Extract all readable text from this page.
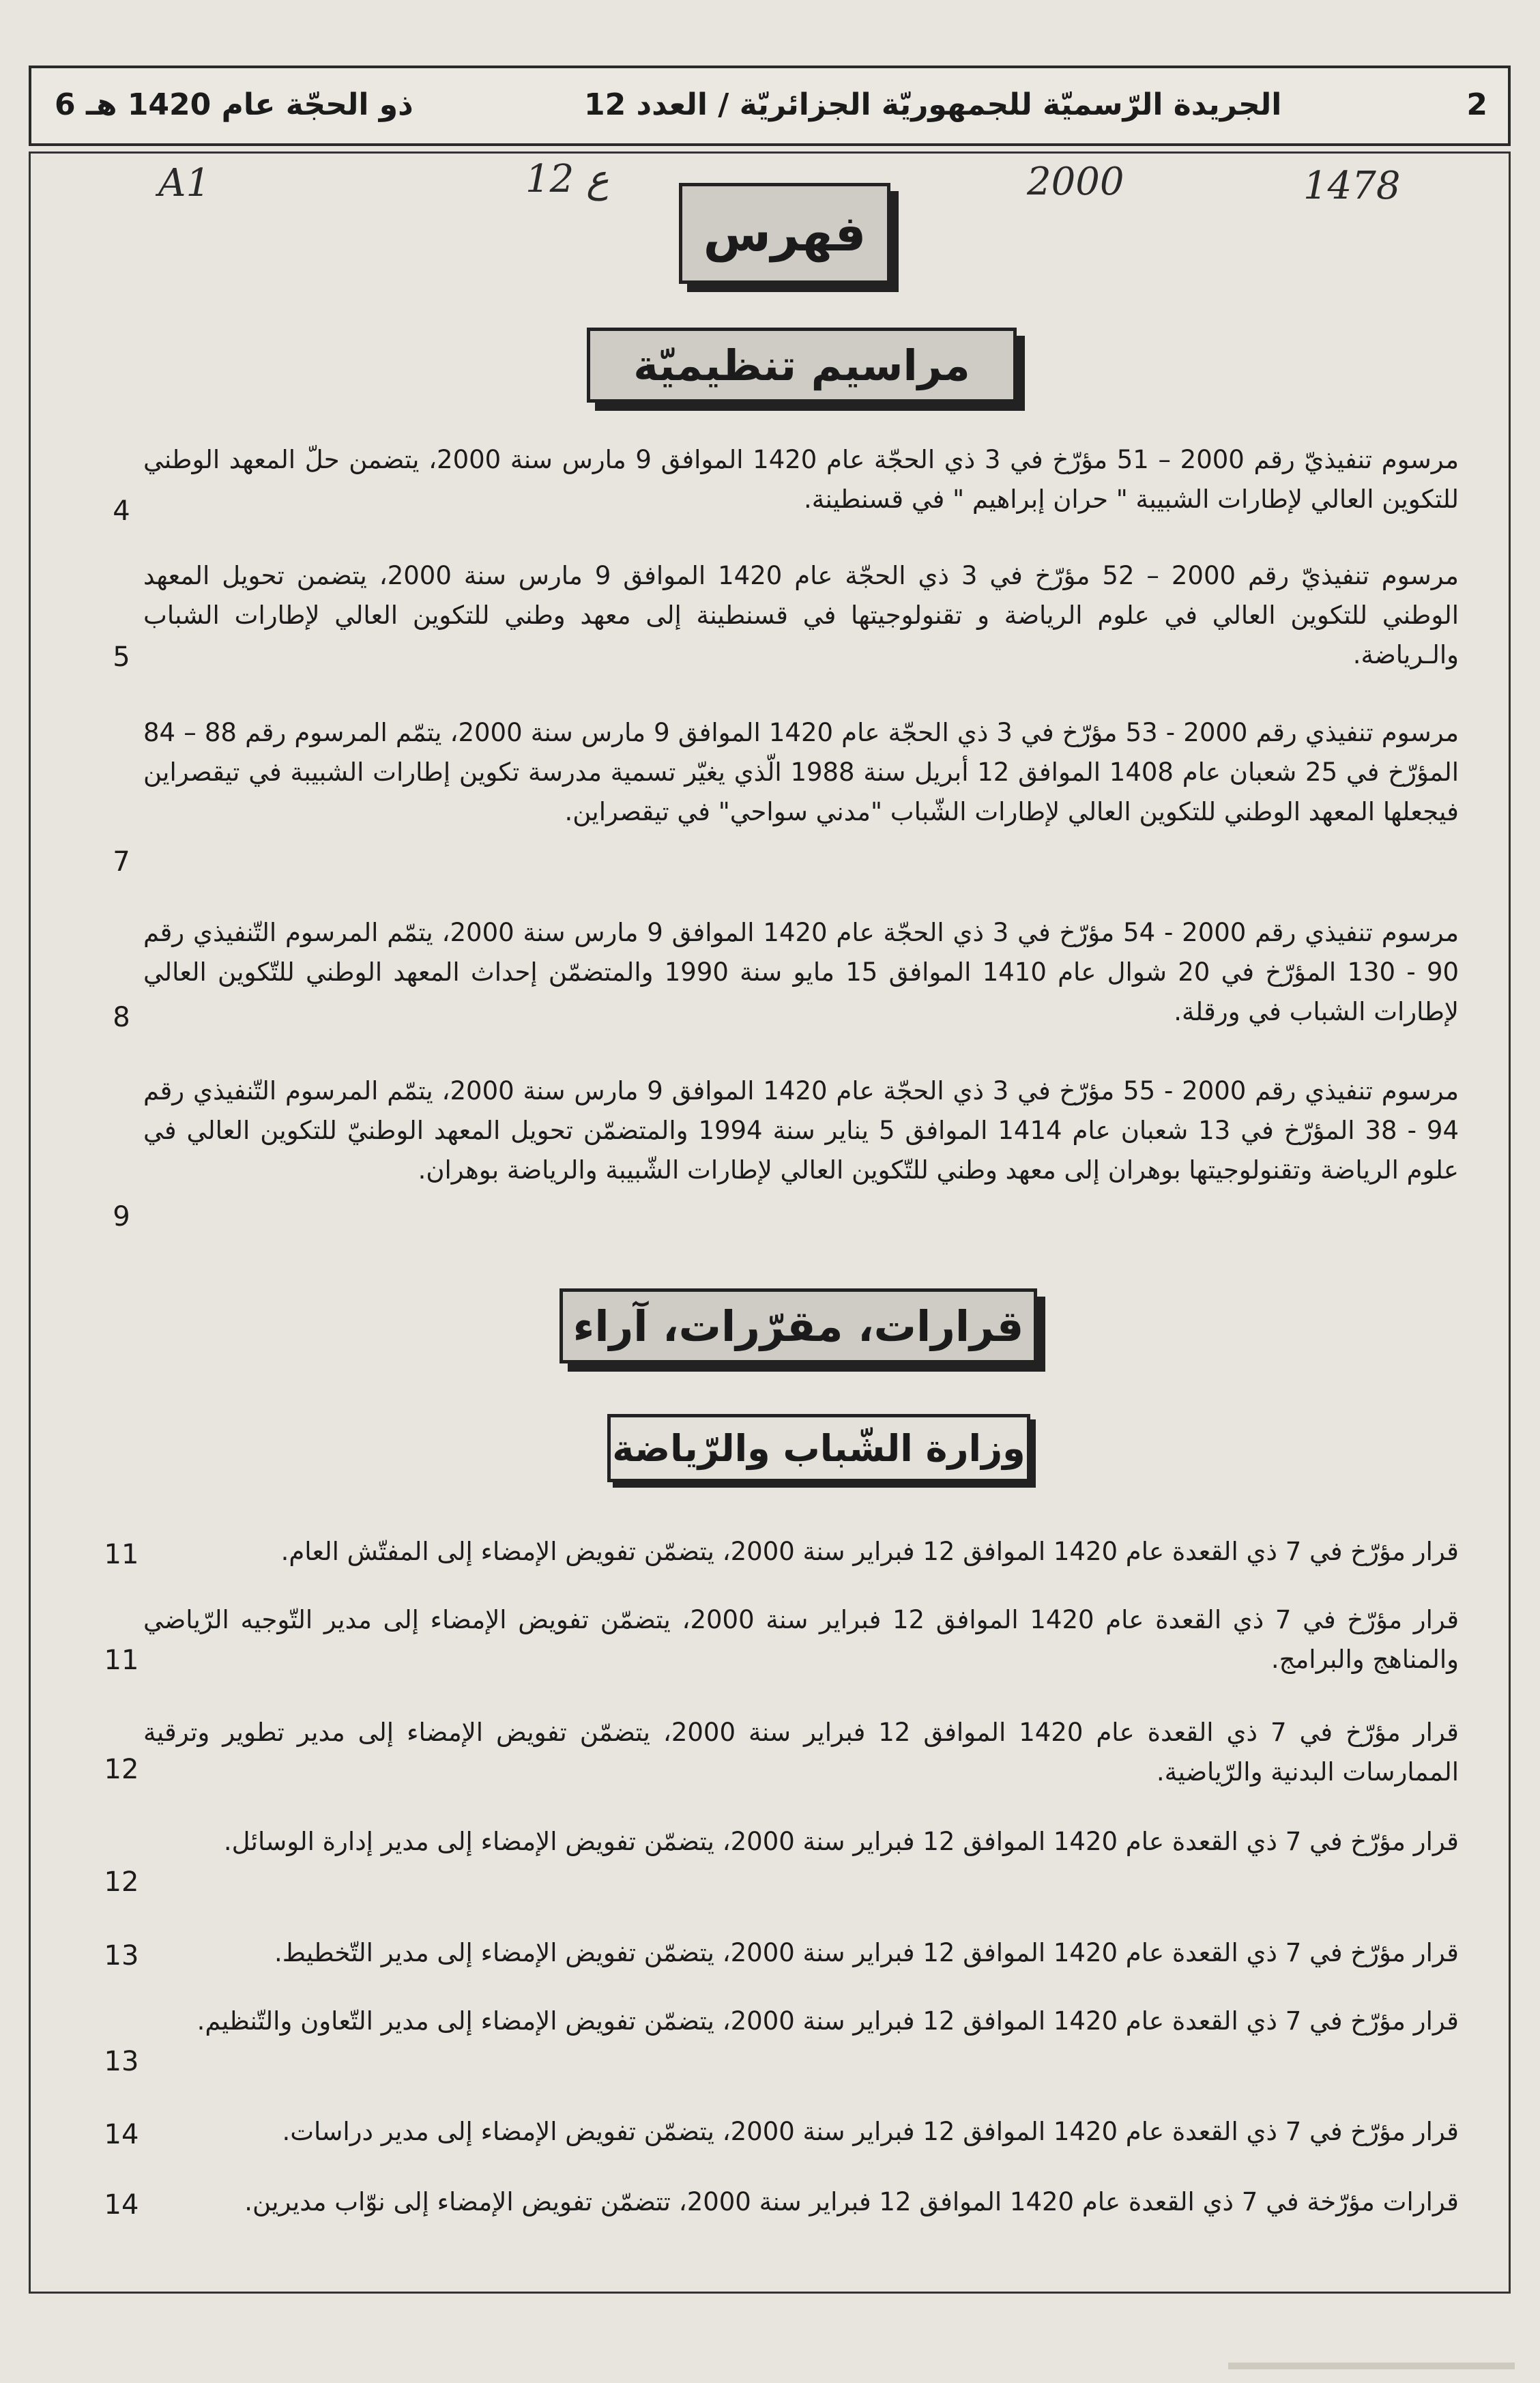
6 ذو الحجّة عام 1420 هـ	الجريدة الرّسميّة للجمهوريّة الجزائريّة / العدد 12	2
A1	12 ع	2000	1478
فهرس
مراسيم تنظيميّة
مرسوم تنفيذيّ رقم 2000 – 51 مؤرّخ في 3 ذي الحجّة عام 1420 الموافق 9 مارس سنة 2000، يتضمن حلّ المعهد الوطني للتكوين العالي لإطارات الشبيبة " حران إبراهيم " في قسنطينة.
4
مرسوم تنفيذيّ رقم 2000 – 52 مؤرّخ في 3 ذي الحجّة عام 1420 الموافق 9 مارس سنة 2000، يتضمن تحويل المعهد الوطني للتكوين العالي في علوم الرياضة و تقنولوجيتها في قسنطينة إلى معهد وطني للتكوين العالي لإطارات الشباب والـرياضة.
5
مرسوم تنفيذي رقم 2000 - 53 مؤرّخ في 3 ذي الحجّة عام 1420 الموافق 9 مارس سنة 2000، يتمّم المرسوم رقم 88 – 84 المؤرّخ في 25 شعبان عام 1408 الموافق 12 أبريل سنة 1988 الّذي يغيّر تسمية مدرسة تكوين إطارات الشبيبة في تيقصراين فيجعلها المعهد الوطني للتكوين العالي لإطارات الشّباب "مدني سواحي" في تيقصراين.
7
مرسوم تنفيذي رقم 2000 - 54 مؤرّخ في 3 ذي الحجّة عام 1420 الموافق 9 مارس سنة 2000، يتمّم المرسوم التّنفيذي رقم 90 - 130 المؤرّخ في 20 شوال عام 1410 الموافق 15 مايو سنة 1990 والمتضمّن إحداث المعهد الوطني للتّكوين العالي لإطارات الشباب في ورقلة.
8
مرسوم تنفيذي رقم 2000 - 55 مؤرّخ في 3 ذي الحجّة عام 1420 الموافق 9 مارس سنة 2000، يتمّم المرسوم التّنفيذي رقم 94 - 38 المؤرّخ في 13 شعبان عام 1414 الموافق 5 يناير سنة 1994 والمتضمّن تحويل المعهد الوطنيّ للتكوين العالي في علوم الرياضة وتقنولوجيتها بوهران إلى معهد وطني للتّكوين العالي لإطارات الشّبيبة والرياضة بوهران.
9
قرارات، مقرّرات، آراء
وزارة الشّباب والرّياضة
قرار مؤرّخ في 7 ذي القعدة عام 1420 الموافق 12 فبراير سنة 2000، يتضمّن تفويض الإمضاء إلى المفتّش العام.
11
قرار مؤرّخ في 7 ذي القعدة عام 1420 الموافق 12 فبراير سنة 2000، يتضمّن تفويض الإمضاء إلى مدير التّوجيه الرّياضي والمناهج والبرامج.
11
قرار مؤرّخ في 7 ذي القعدة عام 1420 الموافق 12 فبراير سنة 2000، يتضمّن تفويض الإمضاء إلى مدير تطوير وترقية الممارسات البدنية والرّياضية.
12
قرار مؤرّخ في 7 ذي القعدة عام 1420 الموافق 12 فبراير سنة 2000، يتضمّن تفويض الإمضاء إلى مدير إدارة الوسائل.
12
قرار مؤرّخ في 7 ذي القعدة عام 1420 الموافق 12 فبراير سنة 2000، يتضمّن تفويض الإمضاء إلى مدير التّخطيط.
13
قرار مؤرّخ في 7 ذي القعدة عام 1420 الموافق 12 فبراير سنة 2000، يتضمّن تفويض الإمضاء إلى مدير التّعاون والتّنظيم.
13
قرار مؤرّخ في 7 ذي القعدة عام 1420 الموافق 12 فبراير سنة 2000، يتضمّن تفويض الإمضاء إلى مدير دراسات.
14
قرارات مؤرّخة في 7 ذي القعدة عام 1420 الموافق 12 فبراير سنة 2000، تتضمّن تفويض الإمضاء إلى نوّاب مديرين.
14
